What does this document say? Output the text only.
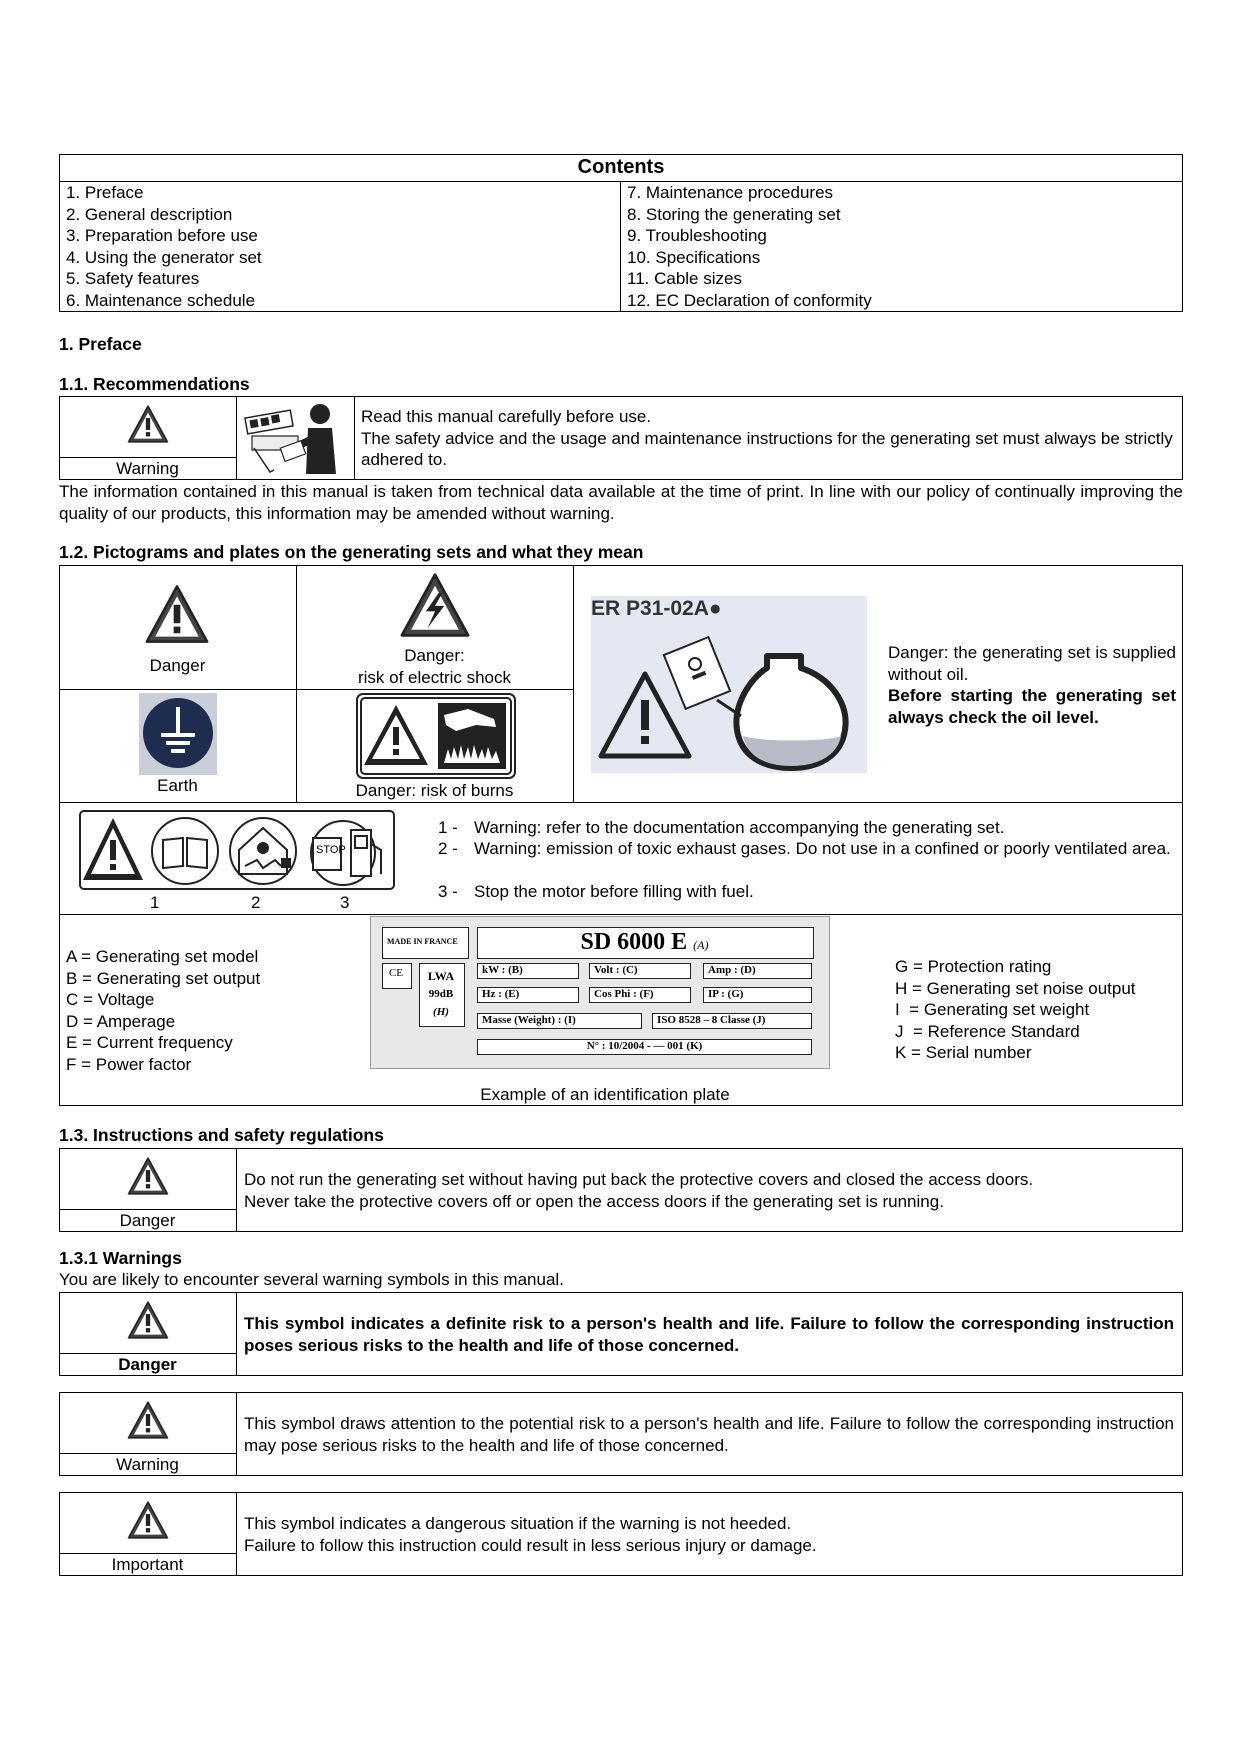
Contents
1. Preface
2. General description
3. Preparation before use
4. Using the generator set
5. Safety features
6. Maintenance schedule
7. Maintenance procedures
8. Storing the generating set
9. Troubleshooting
10. Specifications
11. Cable sizes
12. EC Declaration of conformity
1. Preface
1.1. Recommendations
Warning
Read this manual carefully before use.
The safety advice and the usage and maintenance instructions for the generating set must always be strictly adhered to.
The information contained in this manual is taken from technical data available at the time of print. In line with our policy of continually improving the quality of our products, this information may be amended without warning.
1.2. Pictograms and plates on the generating sets and what they mean
Danger
Danger:
risk of electric shock
Earth	Danger: risk of burns
ER P31-02A●
Danger: the generating set is supplied without oil.
Before starting the generating set always check the oil level.
STOP
1	2	3
1 - Warning: refer to the documentation accompanying the generating set.
2 - Warning: emission of toxic exhaust gases. Do not use in a confined or poorly ventilated area.
3 - Stop the motor before filling with fuel.
A = Generating set model
B = Generating set output
C = Voltage
D = Amperage
E = Current frequency
F = Power factor
MADE IN FRANCE	SD 6000 E (A)
CE	LWA
99dB
(H)
kW : (B)	Volt : (C)	Amp : (D)
Hz : (E)	Cos Phi : (F)	IP : (G)
Masse (Weight) : (I)	ISO 8528 – 8 Classe (J)
N° : 10/2004 - — 001 (K)
G = Protection rating
H = Generating set noise output
I  = Generating set weight
J  = Reference Standard
K = Serial number
Example of an identification plate
1.3. Instructions and safety regulations
Danger
Do not run the generating set without having put back the protective covers and closed the access doors.
Never take the protective covers off or open the access doors if the generating set is running.
1.3.1 Warnings
You are likely to encounter several warning symbols in this manual.
Danger
This symbol indicates a definite risk to a person's health and life. Failure to follow the corresponding instruction poses serious risks to the health and life of those concerned.
Warning
This symbol draws attention to the potential risk to a person's health and life. Failure to follow the corresponding instruction may pose serious risks to the health and life of those concerned.
Important
This symbol indicates a dangerous situation if the warning is not heeded.
Failure to follow this instruction could result in less serious injury or damage.
